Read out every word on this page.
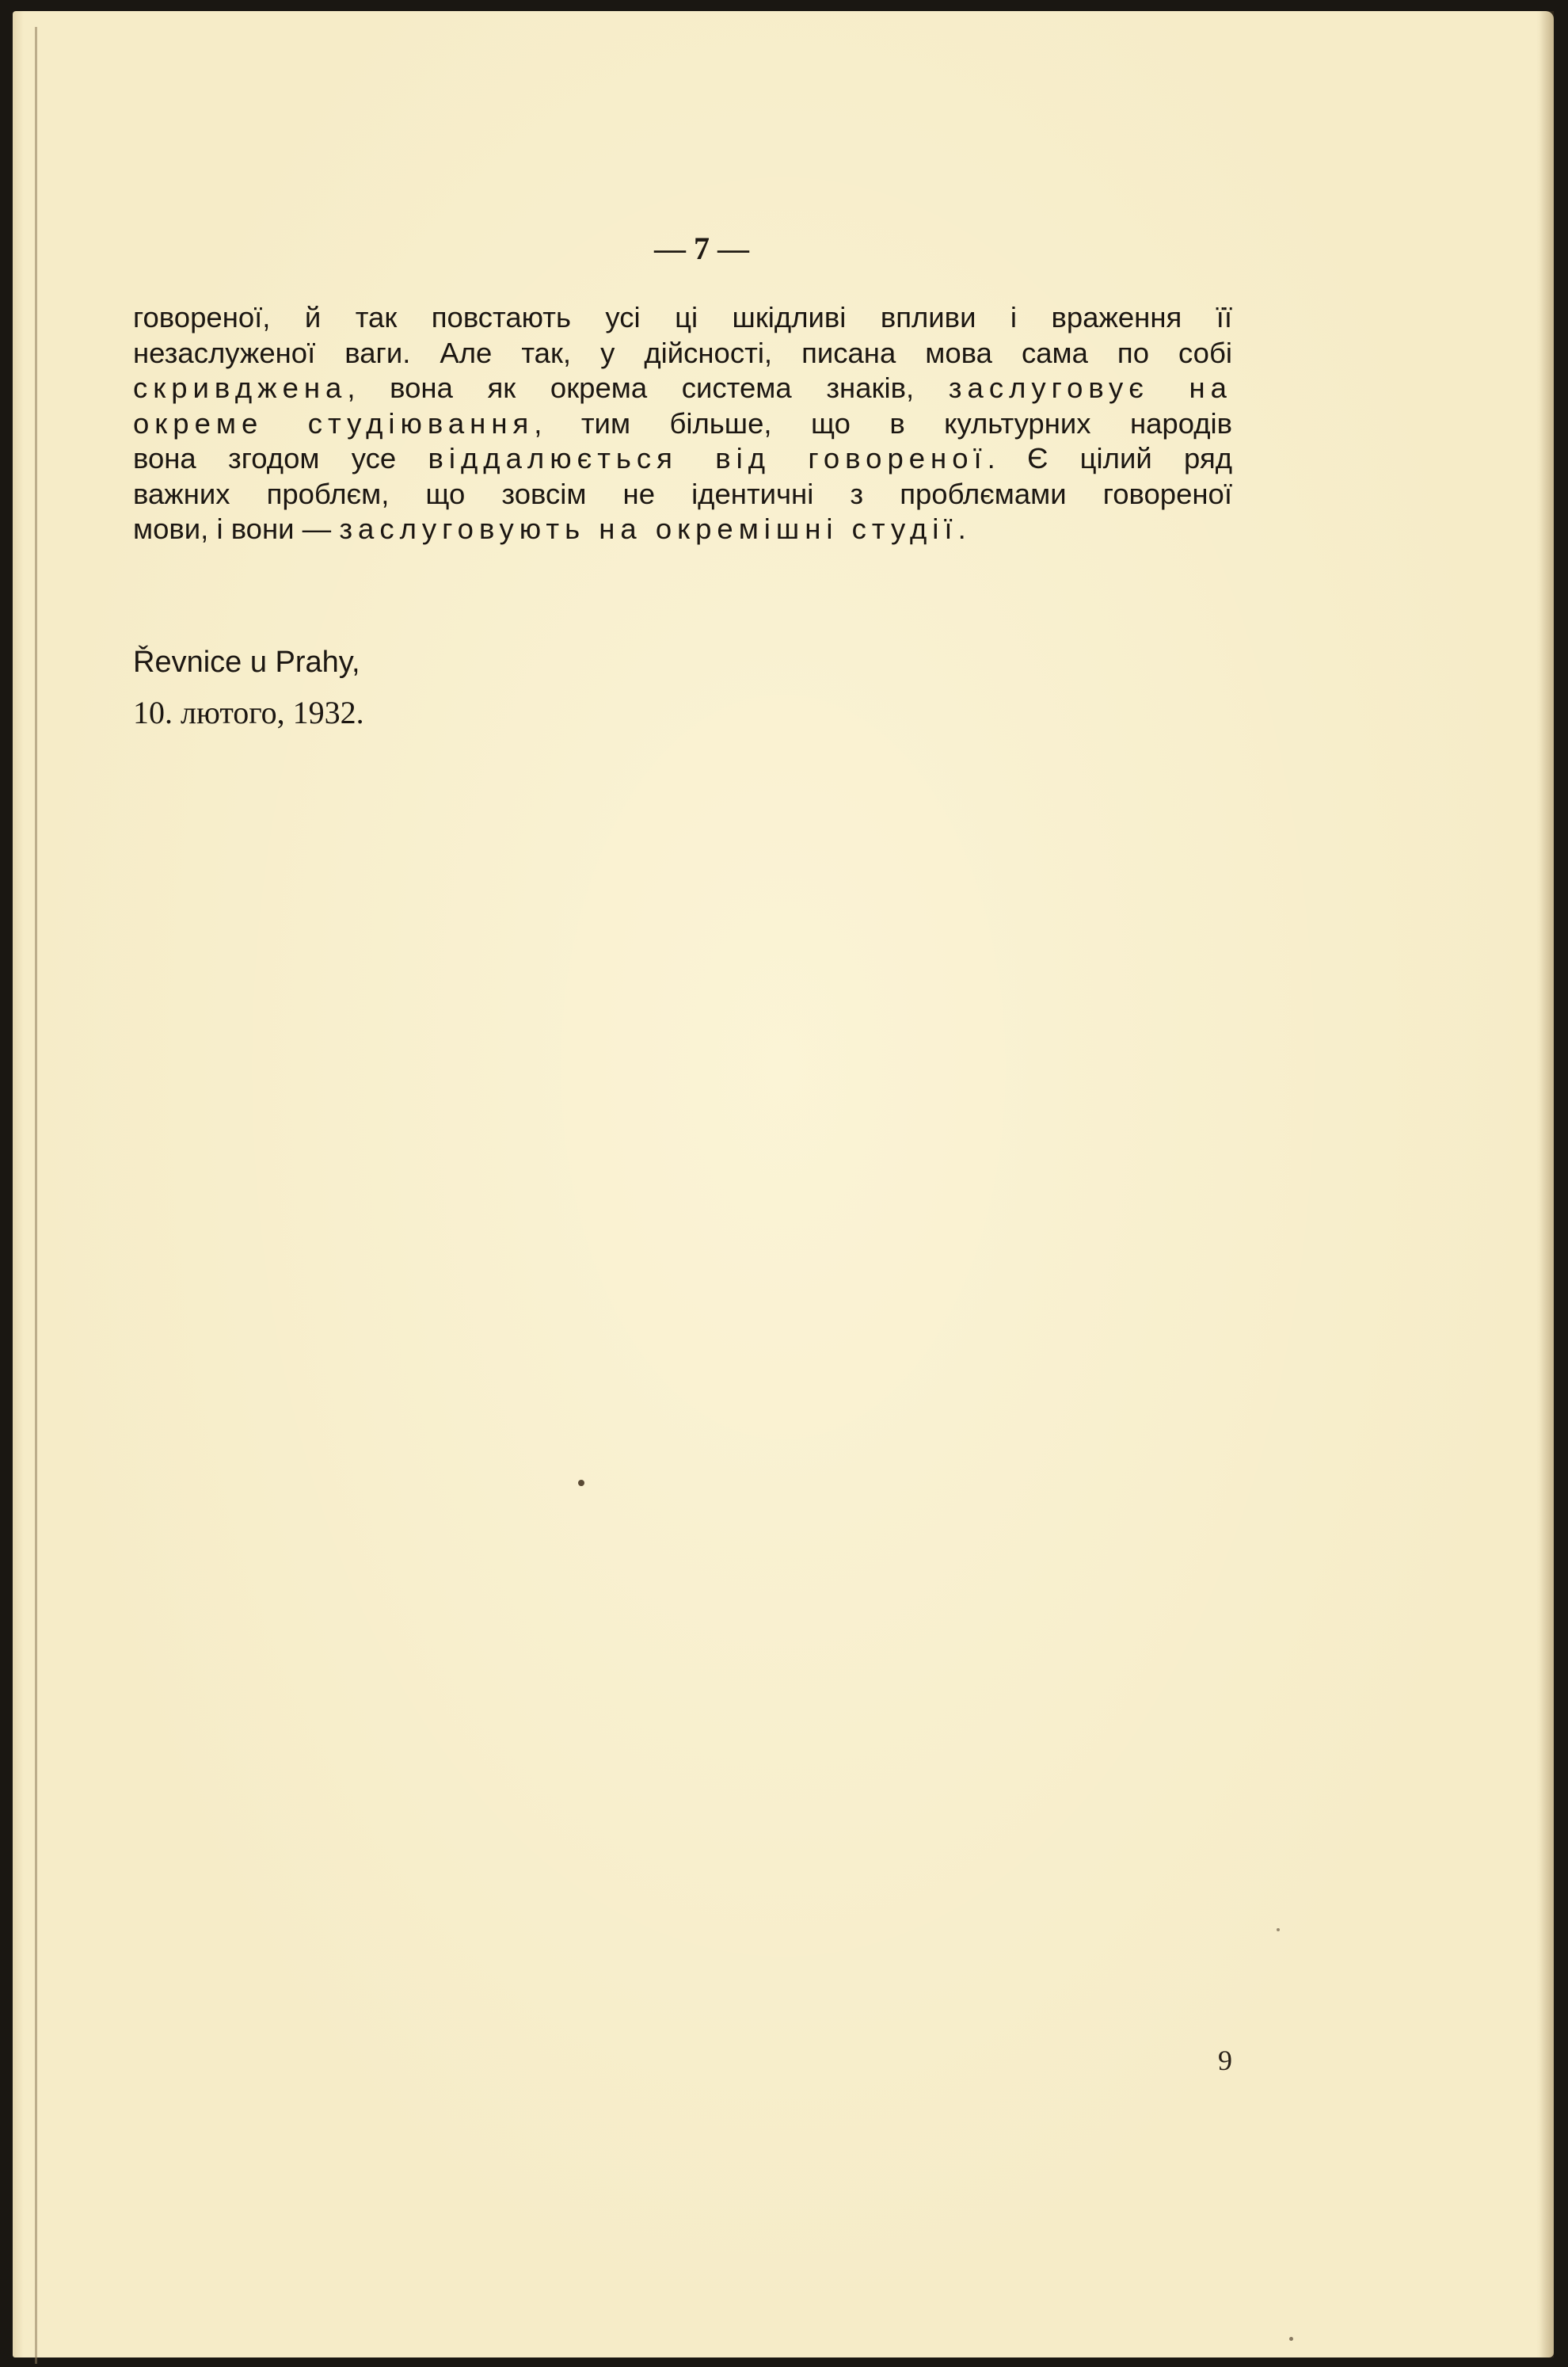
— 7 —
говореної, й так повстають усі ці шкідливі впливи і враження її
незаслуженої ваги. Але так, у дійсності, писана мова сама по собі
скривджена, вона як окрема система знаків, заслуговує на
окреме студіювання, тим більше, що в культурних народів
вона згодом усе віддалюється від говореної. Є цілий ряд
важних проблєм, що зовсім не ідентичні з проблємами говореної
мови, і вони — заслуговують на окремішні студії.
Řevnice u Prahy,
10. лютого, 1932.
9
